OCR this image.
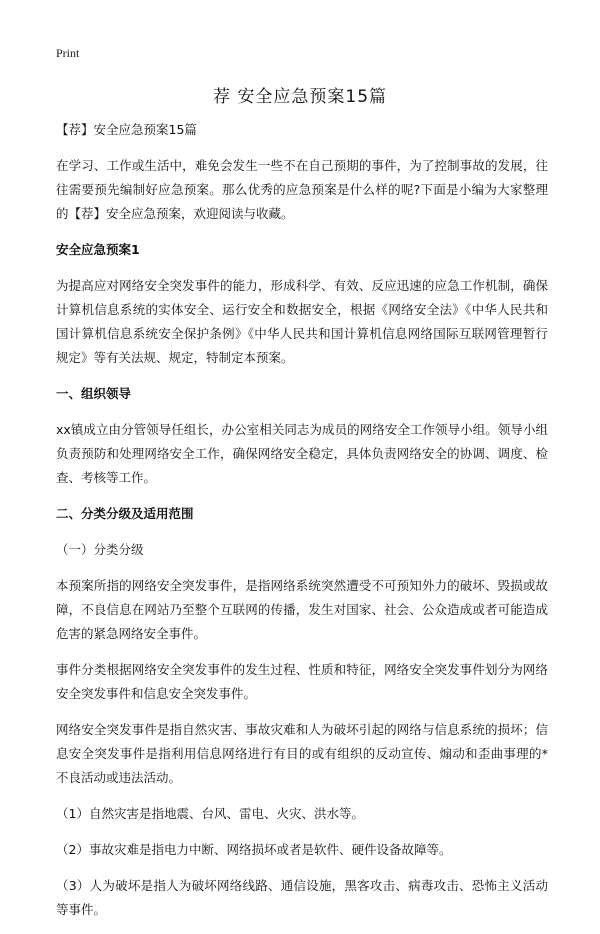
Print
荐 安全应急预案15篇

【荐】安全应急预案15篇

在学习、工作或生活中，难免会发生一些不在自己预期的事件，为了控制事故的发展，往往需要预先编制好应急预案。那么优秀的应急预案是什么样的呢?下面是小编为大家整理的【荐】安全应急预案，欢迎阅读与收藏。

安全应急预案1

为提高应对网络安全突发事件的能力，形成科学、有效、反应迅速的应急工作机制，确保计算机信息系统的实体安全、运行安全和数据安全，根据《网络安全法》《中华人民共和国计算机信息系统安全保护条例》《中华人民共和国计算机信息网络国际互联网管理暂行规定》等有关法规、规定，特制定本预案。

一、组织领导

xx镇成立由分管领导任组长，办公室相关同志为成员的网络安全工作领导小组。领导小组负责预防和处理网络安全工作，确保网络安全稳定，具体负责网络安全的协调、调度、检查、考核等工作。

二、分类分级及适用范围

（一）分类分级

本预案所指的网络安全突发事件，是指网络系统突然遭受不可预知外力的破坏、毁损或故障，不良信息在网站乃至整个互联网的传播，发生对国家、社会、公众造成或者可能造成危害的紧急网络安全事件。

事件分类根据网络安全突发事件的发生过程、性质和特征，网络安全突发事件划分为网络安全突发事件和信息安全突发事件。

网络安全突发事件是指自然灾害、事故灾难和人为破坏引起的网络与信息系统的损坏；信息安全突发事件是指利用信息网络进行有目的或有组织的反动宣传、煽动和歪曲事理的*不良活动或违法活动。

（1）自然灾害是指地震、台风、雷电、火灾、洪水等。

（2）事故灾难是指电力中断、网络损坏或者是软件、硬件设备故障等。

（3）人为破坏是指人为破坏网络线路、通信设施，黑客攻击、病毒攻击、恐怖主义活动等事件。
